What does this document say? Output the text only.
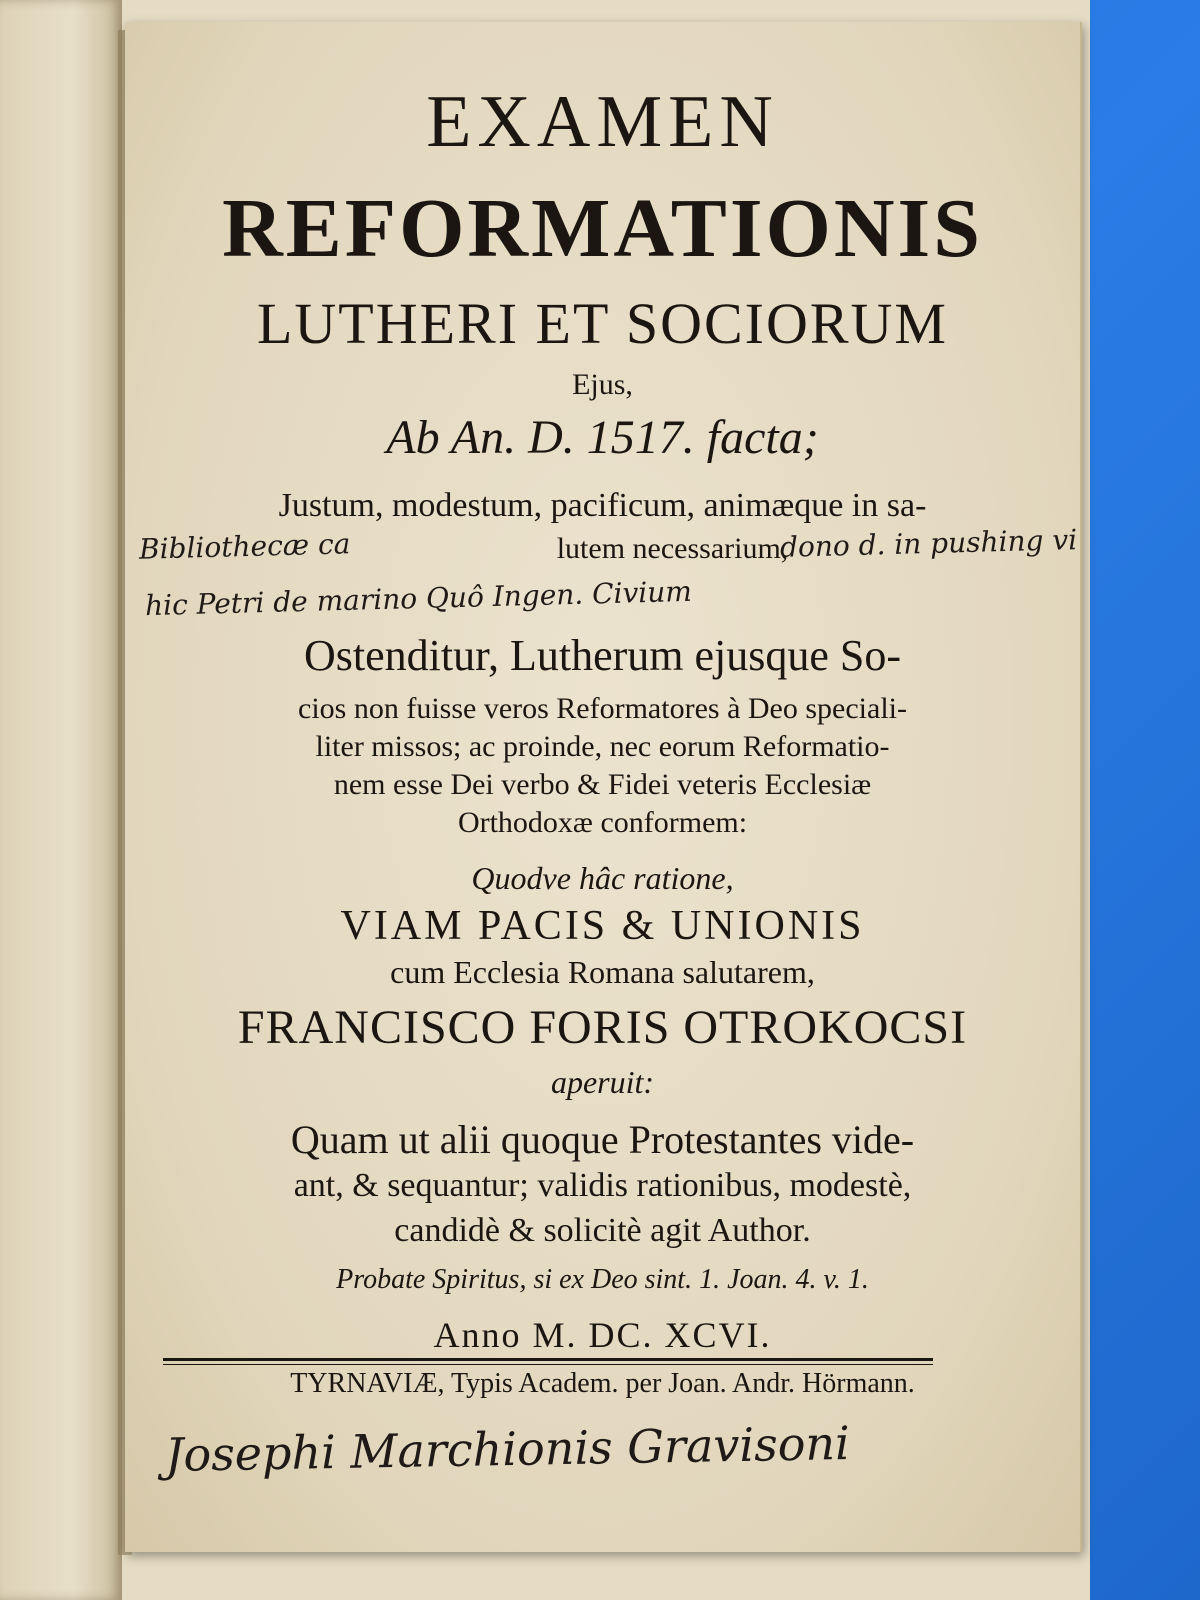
EXAMEN
REFORMATIONIS
LUTHERI ET SOCIORUM
Ejus,
Ab An. D. 1517. facta;
Justum, modestum, pacificum, animæque in sa-
lutem necessarium,
Bibliothecæ ca	dono d. in pushing vi
hic Petri de marino Quô Ingen. Civium
Ostenditur, Lutherum ejusque So-
cios non fuisse veros Reformatores à Deo speciali-
liter missos; ac proinde, nec eorum Reformatio-
nem esse Dei verbo & Fidei veteris Ecclesiæ
Orthodoxæ conformem:
Quodve hâc ratione,
VIAM PACIS & UNIONIS
cum Ecclesia Romana salutarem,
FRANCISCO FORIS OTROKOCSI
aperuit:
Quam ut alii quoque Protestantes vide-
ant, & sequantur; validis rationibus, modestè,
candidè & solicitè agit Author.
Probate Spiritus, si ex Deo sint. 1. Joan. 4. v. 1.
Anno M. DC. XCVI.
TYRNAVIÆ, Typis Academ. per Joan. Andr. Hörmann.
Josephi Marchionis Gravisoni
